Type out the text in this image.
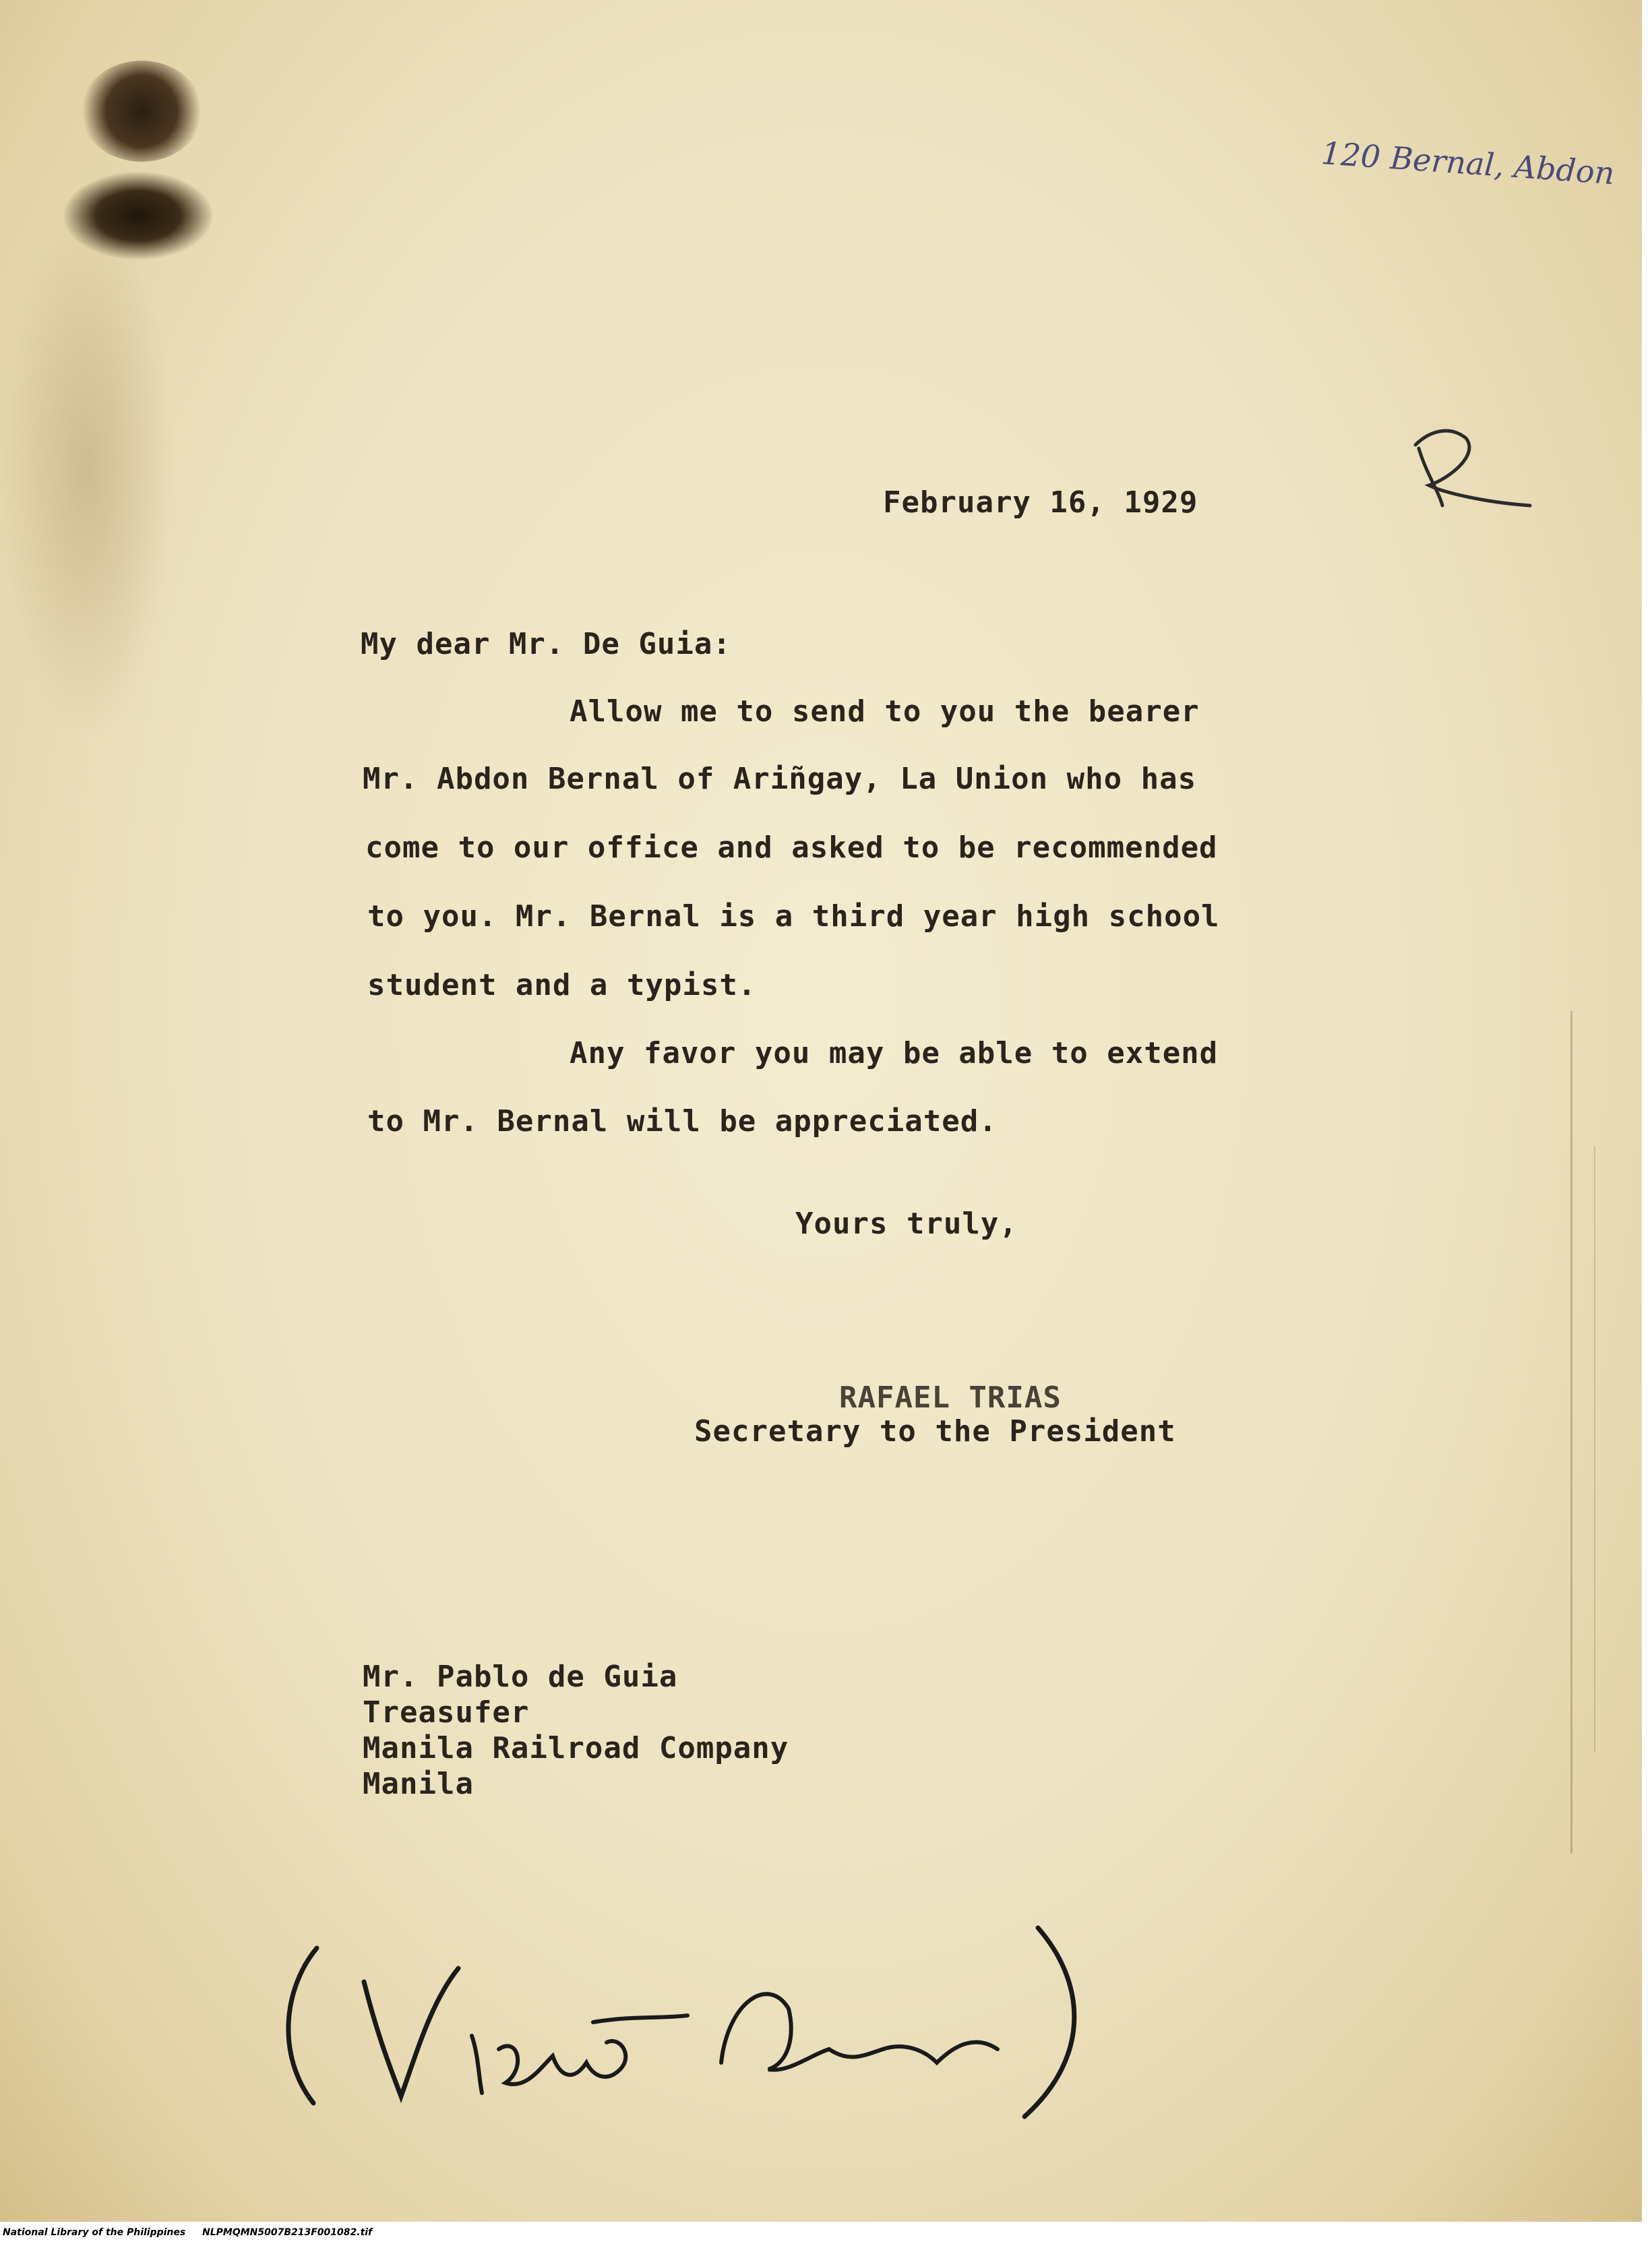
120 Bernal, Abdon
February 16, 1929
My dear Mr. De Guia:
Allow me to send to you the bearer
Mr. Abdon Bernal of Ariñgay, La Union who has
come to our office and asked to be recommended
to you. Mr. Bernal is a third year high school
student and a typist.
Any favor you may be able to extend
to Mr. Bernal will be appreciated.
Yours truly,
RAFAEL TRIAS
Secretary to the President
Mr. Pablo de Guia
Treasufer
Manila Railroad Company
Manila
National Library of the Philippines NLPMQMN5007B213F001082.tif
